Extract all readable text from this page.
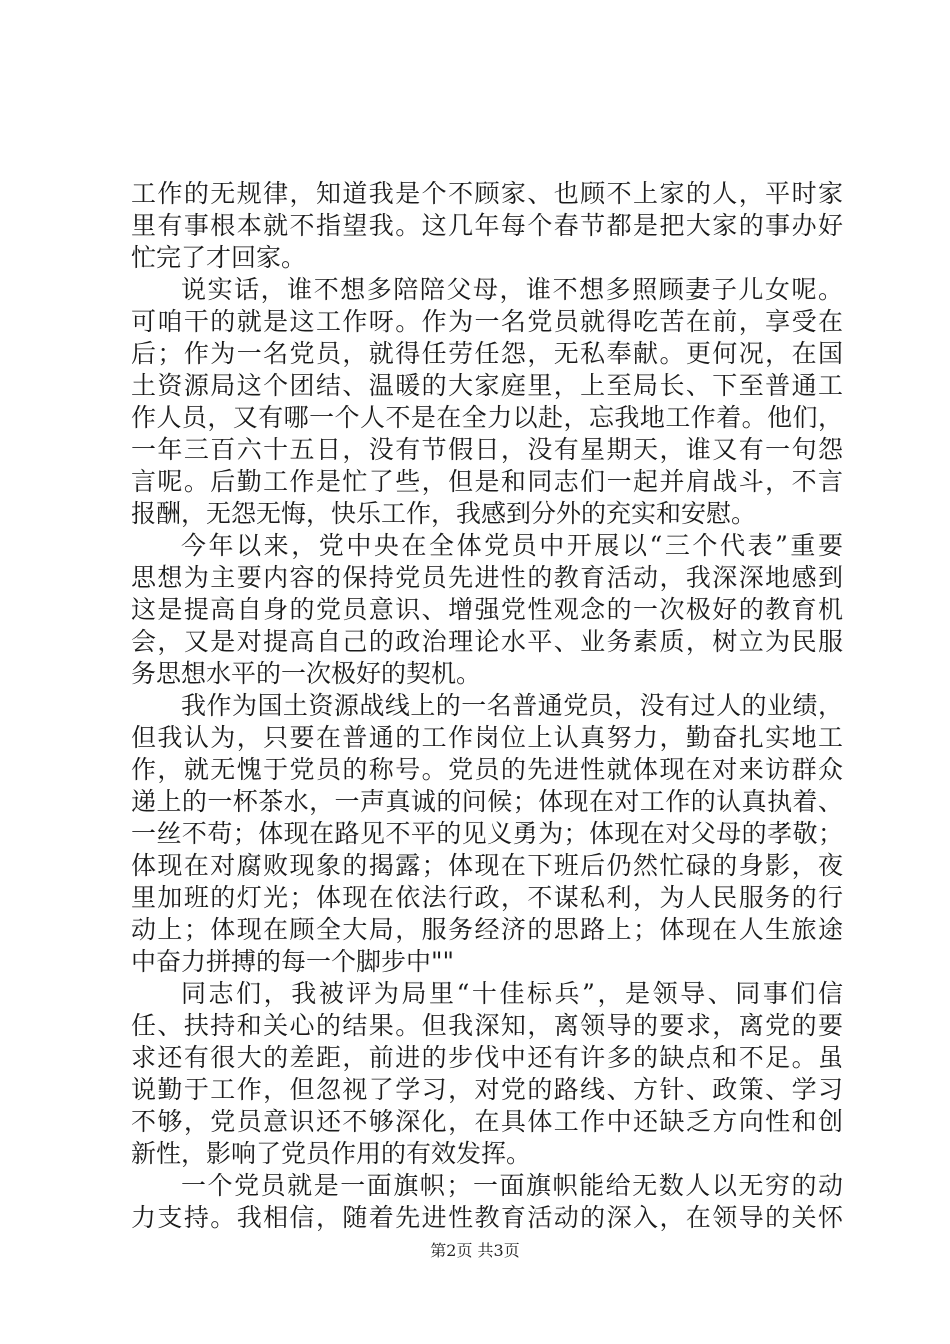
工作的无规律，知道我是个不顾家、也顾不上家的人，平时家
里有事根本就不指望我。这几年每个春节都是把大家的事办好
忙完了才回家。
说实话，谁不想多陪陪父母，谁不想多照顾妻子儿女呢。
可咱干的就是这工作呀。作为一名党员就得吃苦在前，享受在
后；作为一名党员，就得任劳任怨，无私奉献。更何况，在国
土资源局这个团结、温暖的大家庭里，上至局长、下至普通工
作人员，又有哪一个人不是在全力以赴，忘我地工作着。他们，
一年三百六十五日，没有节假日，没有星期天，谁又有一句怨
言呢。后勤工作是忙了些，但是和同志们一起并肩战斗，不言
报酬，无怨无悔，快乐工作，我感到分外的充实和安慰。
今年以来，党中央在全体党员中开展以“三个代表”重要
思想为主要内容的保持党员先进性的教育活动，我深深地感到
这是提高自身的党员意识、增强党性观念的一次极好的教育机
会，又是对提高自己的政治理论水平、业务素质，树立为民服
务思想水平的一次极好的契机。
我作为国土资源战线上的一名普通党员，没有过人的业绩，
但我认为，只要在普通的工作岗位上认真努力，勤奋扎实地工
作，就无愧于党员的称号。党员的先进性就体现在对来访群众
递上的一杯茶水，一声真诚的问候；体现在对工作的认真执着、
一丝不苟；体现在路见不平的见义勇为；体现在对父母的孝敬；
体现在对腐败现象的揭露；体现在下班后仍然忙碌的身影，夜
里加班的灯光；体现在依法行政，不谋私利，为人民服务的行
动上；体现在顾全大局，服务经济的思路上；体现在人生旅途
中奋力拼搏的每一个脚步中""
同志们，我被评为局里“十佳标兵”，是领导、同事们信
任、扶持和关心的结果。但我深知，离领导的要求，离党的要
求还有很大的差距，前进的步伐中还有许多的缺点和不足。虽
说勤于工作，但忽视了学习，对党的路线、方针、政策、学习
不够，党员意识还不够深化，在具体工作中还缺乏方向性和创
新性，影响了党员作用的有效发挥。
一个党员就是一面旗帜；一面旗帜能给无数人以无穷的动
力支持。我相信，随着先进性教育活动的深入，在领导的关怀
第2页 共3页
